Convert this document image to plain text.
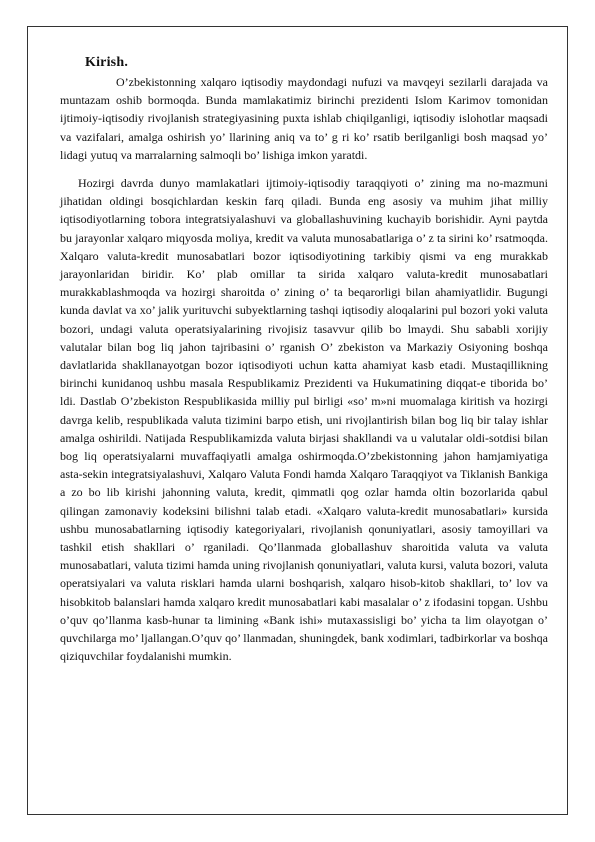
Kirish.

O’zbekistonning xalqaro iqtisodiy maydondagi nufuzi va mavqeyi sezilarli darajada va muntazam oshib bormoqda. Bunda mamlakatimiz birinchi prezidenti Islom Karimov tomonidan ijtimoiy-iqtisodiy rivojlanish strategiyasining puxta ishlab chiqilganligi, iqtisodiy islohotlar maqsadi va vazifalari, amalga oshirish yo’ llarining aniq va to’ g ri ko’ rsatib berilganligi bosh maqsad yo’ lidagi yutuq va marralarning salmoqli bo’ lishiga imkon yaratdi.

Hozirgi davrda dunyo mamlakatlari ijtimoiy-iqtisodiy taraqqiyoti o’ zining ma no-mazmuni jihatidan oldingi bosqichlardan keskin farq qiladi. Bunda eng asosiy va muhim jihat milliy iqtisodiyotlarning tobora integratsiyalashuvi va globallashuvining kuchayib borishidir. Ayni paytda bu jarayonlar xalqaro miqyosda moliya, kredit va valuta munosabatlariga o’ z ta sirini ko’ rsatmoqda. Xalqaro valuta-kredit munosabatlari bozor iqtisodiyotining tarkibiy qismi va eng murakkab jarayonlaridan biridir. Ko’ plab omillar ta sirida xalqaro valuta-kredit munosabatlari murakkablashmoqda va hozirgi sharoitda o’ zining o’ ta beqarorligi bilan ahamiyatlidir. Bugungi kunda davlat va xo’ jalik yurituvchi subyektlarning tashqi iqtisodiy aloqalarini pul bozori yoki valuta bozori, undagi valuta operatsiyalarining rivojisiz tasavvur qilib bo lmaydi. Shu sababli xorijiy valutalar bilan bog liq jahon tajribasini o’ rganish O’ zbekiston va Markaziy Osiyoning boshqa davlatlarida shakllanayotgan bozor iqtisodiyoti uchun katta ahamiyat kasb etadi. Mustaqillikning birinchi kunidanoq ushbu masala Respublikamiz Prezidenti va Hukumatining diqqat-e tiborida bo’ ldi. Dastlab O’zbekiston Respublikasida milliy pul birligi «so’ m»ni muomalaga kiritish va hozirgi davrga kelib, respublikada valuta tizimini barpo etish, uni rivojlantirish bilan bog liq bir talay ishlar amalga oshirildi. Natijada Respublikamizda valuta birjasi shakllandi va u valutalar oldi-sotdisi bilan bog liq operatsiyalarni muvaffaqiyatli amalga oshirmoqda.O’zbekistonning jahon hamjamiyatiga asta-sekin integratsiyalashuvi, Xalqaro Valuta Fondi hamda Xalqaro Taraqqiyot va Tiklanish Bankiga a zo bo lib kirishi jahonning valuta, kredit, qimmatli qog ozlar hamda oltin bozorlarida qabul qilingan zamonaviy kodeksini bilishni talab etadi. «Xalqaro valuta-kredit munosabatlari» kursida ushbu munosabatlarning iqtisodiy kategoriyalari, rivojlanish qonuniyatlari, asosiy tamoyillari va tashkil etish shakllari o’ rganiladi. Qo’llanmada globallashuv sharoitida valuta va valuta munosabatlari, valuta tizimi hamda uning rivojlanish qonuniyatlari, valuta kursi, valuta bozori, valuta operatsiyalari va valuta risklari hamda ularni boshqarish, xalqaro hisob-kitob shakllari, to’ lov va hisobkitob balanslari hamda xalqaro kredit munosabatlari kabi masalalar o’ z ifodasini topgan. Ushbu o’quv qo’llanma kasb-hunar ta limining «Bank ishi» mutaxassisligi bo’ yicha ta lim olayotgan o’ quvchilarga mo’ ljallangan.O’quv qo’ llanmadan, shuningdek, bank xodimlari, tadbirkorlar va boshqa qiziquvchilar foydalanishi mumkin.
